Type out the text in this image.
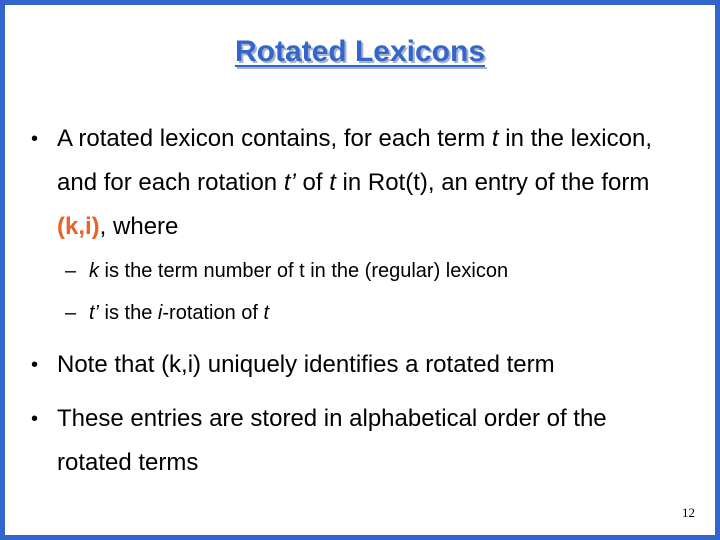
Rotated Lexicons
• A rotated lexicon contains, for each term t in the lexicon, and for each rotation t’ of t in Rot(t), an entry of the form (k,i), where
– k is the term number of t in the (regular) lexicon
– t’ is the i-rotation of t
• Note that (k,i) uniquely identifies a rotated term
• These entries are stored in alphabetical order of the rotated terms
12
